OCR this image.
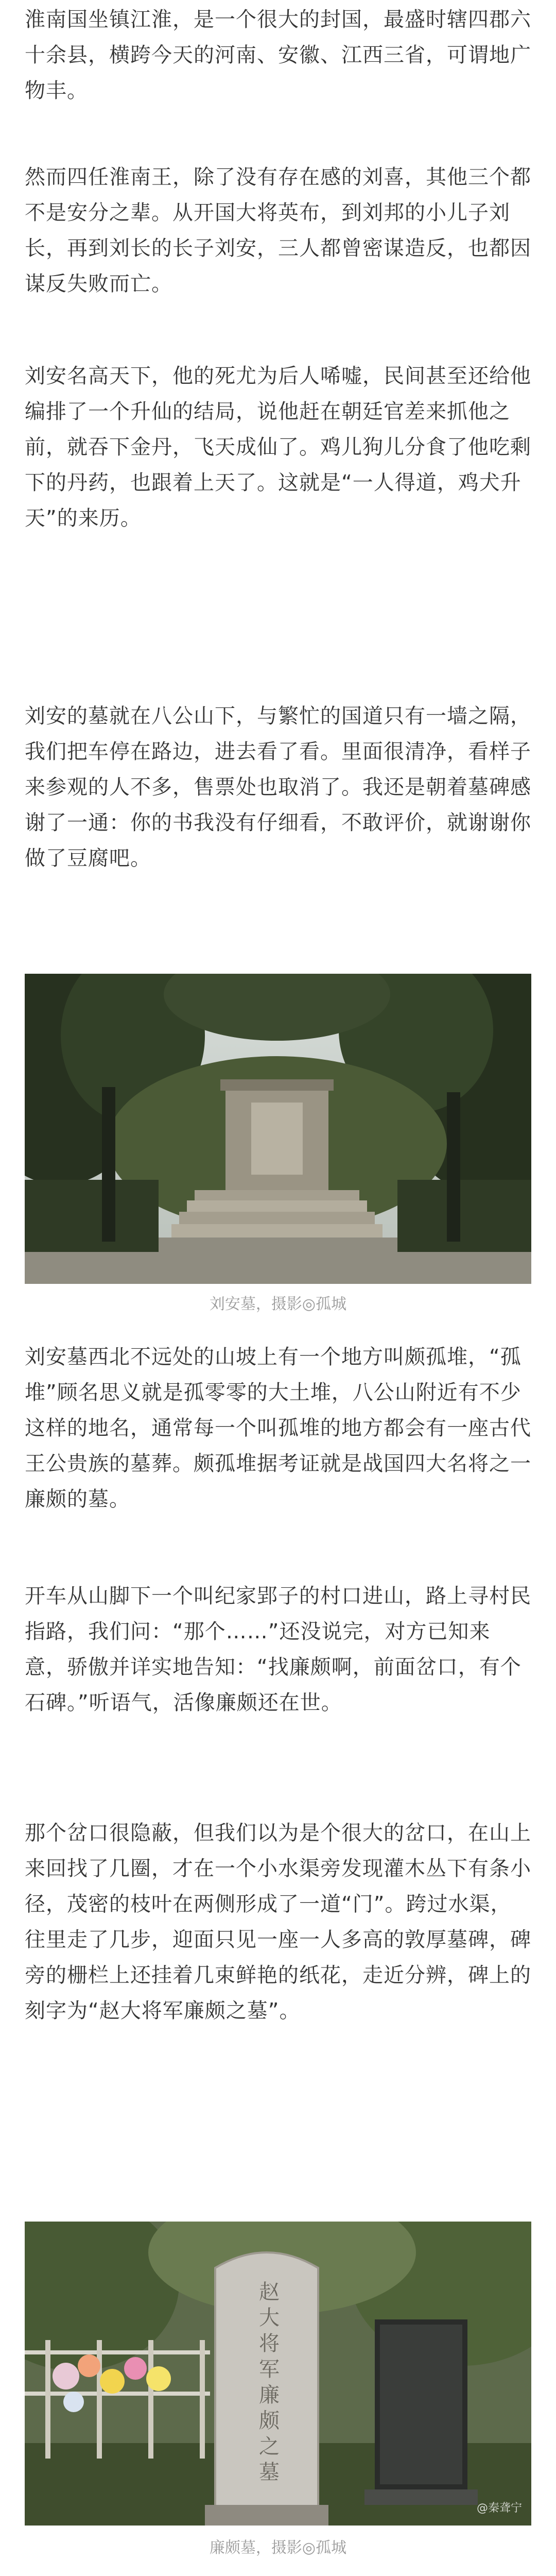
淮南国坐镇江淮，是一个很大的封国，最盛时辖四郡六十余县，横跨今天的河南、安徽、江西三省，可谓地广物丰。

然而四任淮南王，除了没有存在感的刘喜，其他三个都不是安分之辈。从开国大将英布，到刘邦的小儿子刘长，再到刘长的长子刘安，三人都曾密谋造反，也都因谋反失败而亡。

刘安名高天下，他的死尤为后人唏嘘，民间甚至还给他编排了一个升仙的结局，说他赶在朝廷官差来抓他之前，就吞下金丹，飞天成仙了。鸡儿狗儿分食了他吃剩下的丹药，也跟着上天了。这就是“一人得道，鸡犬升天”的来历。

刘安的墓就在八公山下，与繁忙的国道只有一墙之隔，我们把车停在路边，进去看了看。里面很清净，看样子来参观的人不多，售票处也取消了。我还是朝着墓碑感谢了一通：你的书我没有仔细看，不敢评价，就谢谢你做了豆腐吧。

刘安墓，摄影◎孤城

刘安墓西北不远处的山坡上有一个地方叫颇孤堆，“孤堆”顾名思义就是孤零零的大土堆，八公山附近有不少这样的地名，通常每一个叫孤堆的地方都会有一座古代王公贵族的墓葬。颇孤堆据考证就是战国四大名将之一廉颇的墓。

开车从山脚下一个叫纪家郢子的村口进山，路上寻村民指路，我们问：“那个……”还没说完，对方已知来意，骄傲并详实地告知：“找廉颇啊，前面岔口，有个石碑。”听语气，活像廉颇还在世。

那个岔口很隐蔽，但我们以为是个很大的岔口，在山上来回找了几圈，才在一个小水渠旁发现灌木丛下有条小径，茂密的枝叶在两侧形成了一道“门”。跨过水渠，往里走了几步，迎面只见一座一人多高的敦厚墓碑，碑旁的栅栏上还挂着几束鲜艳的纸花，走近分辨，碑上的刻字为“赵大将军廉颇之墓”。

赵
大
将
军
廉
颇
之
墓
@秦聋宁
廉颇墓，摄影◎孤城
